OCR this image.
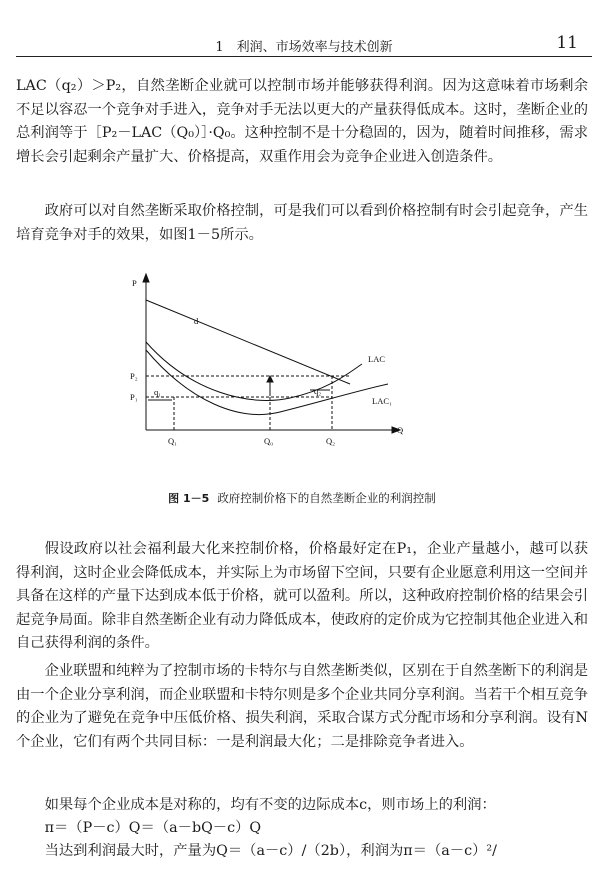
1　利润、市场效率与技术创新	11

LAC（q₂）＞P₂，自然垄断企业就可以控制市场并能够获得利润。因为这意味着市场剩余不足以容忍一个竞争对手进入，竞争对手无法以更大的产量获得低成本。这时，垄断企业的总利润等于［P₂－LAC（Q₀）］·Q₀。这种控制不是十分稳固的，因为，随着时间推移，需求增长会引起剩余产量扩大、价格提高，双重作用会为竞争企业进入创造条件。

政府可以对自然垄断采取价格控制，可是我们可以看到价格控制有时会引起竞争，产生培育竞争对手的效果，如图1－5所示。

P
Q
d
LAC
LAC₁
P₂
P₁ q₁	q₂
Q₁	Q₀	Q₂
图 1－5 政府控制价格下的自然垄断企业的利润控制

假设政府以社会福利最大化来控制价格，价格最好定在P₁，企业产量越小，越可以获得利润，这时企业会降低成本，并实际上为市场留下空间，只要有企业愿意利用这一空间并具备在这样的产量下达到成本低于价格，就可以盈利。所以，这种政府控制价格的结果会引起竞争局面。除非自然垄断企业有动力降低成本，使政府的定价成为它控制其他企业进入和自己获得利润的条件。

企业联盟和纯粹为了控制市场的卡特尔与自然垄断类似，区别在于自然垄断下的利润是由一个企业分享利润，而企业联盟和卡特尔则是多个企业共同分享利润。当若干个相互竞争的企业为了避免在竞争中压低价格、损失利润，采取合谋方式分配市场和分享利润。设有N个企业，它们有两个共同目标：一是利润最大化；二是排除竞争者进入。

如果每个企业成本是对称的，均有不变的边际成本c，则市场上的利润：

π＝（P－c）Q＝（a－bQ－c）Q

当达到利润最大时，产量为Q＝（a－c）/（2b），利润为π＝（a－c）²/
